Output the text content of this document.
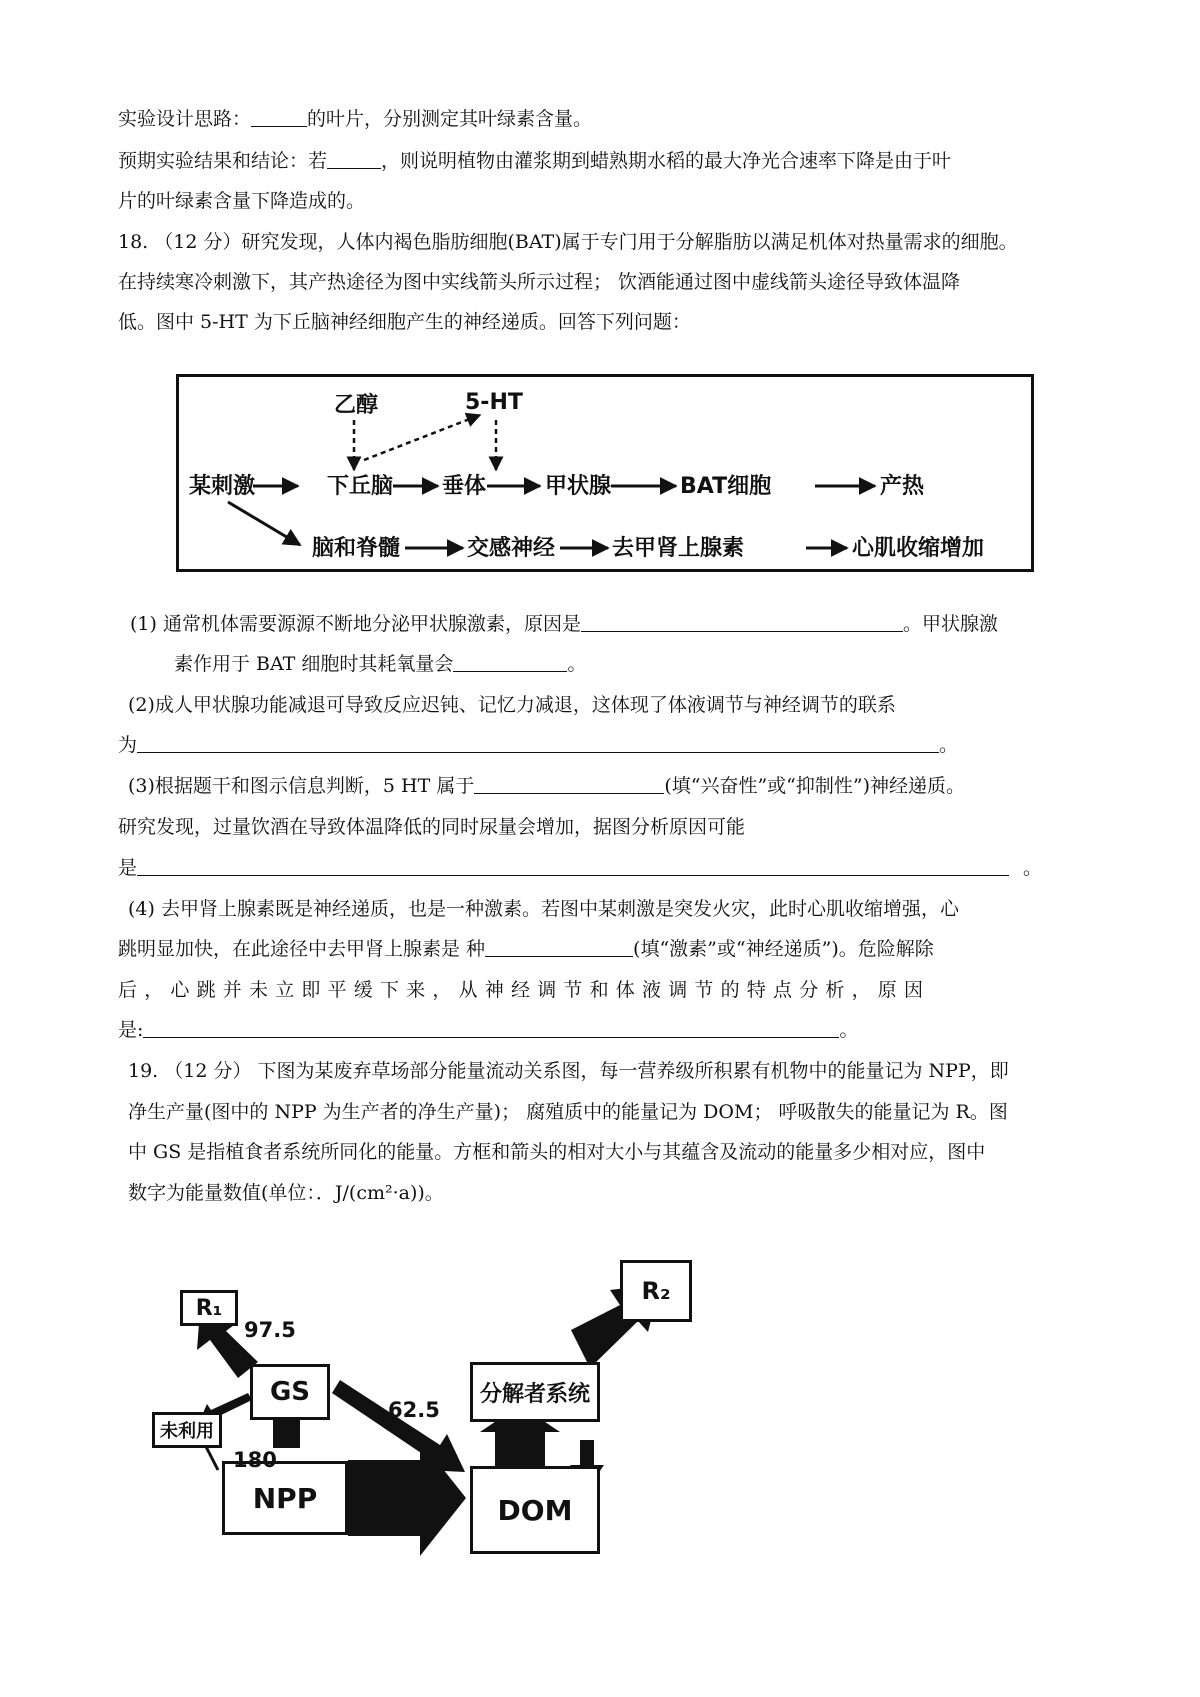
实验设计思路：	的叶片，分别测定其叶绿素含量。
预期实验结果和结论：若	，则说明植物由灌浆期到蜡熟期水稻的最大净光合速率下降是由于叶
片的叶绿素含量下降造成的。
18. （12 分）研究发现，人体内褐色脂肪细胞(BAT)属于专门用于分解脂肪以满足机体对热量需求的细胞。
在持续寒冷刺激下，其产热途径为图中实线箭头所示过程； 饮酒能通过图中虚线箭头途径导致体温降
低。图中 5-HT 为下丘脑神经细胞产生的神经递质。回答下列问题：
乙醇	5-HT
某刺激	下丘脑 垂体	甲状腺	BAT细胞	产热
脑和脊髓	交感神经	去甲肾上腺素	心肌收缩增加
(1) 通常机体需要源源不断地分泌甲状腺激素，原因是	。甲状腺激
素作用于 BAT 细胞时其耗氧量会	。
(2)成人甲状腺功能减退可导致反应迟钝、记忆力减退，这体现了体液调节与神经调节的联系
为	。
(3)根据题干和图示信息判断，5 HT 属于	(填“兴奋性”或“抑制性”)神经递质。
研究发现，过量饮酒在导致体温降低的同时尿量会增加，据图分析原因可能
是	。
(4) 去甲肾上腺素既是神经递质，也是一种激素。若图中某刺激是突发火灾，此时心肌收缩增强，心
跳明显加快，在此途径中去甲肾上腺素是 种	(填“激素”或“神经递质”)。危险解除
后，心跳并未立即平缓下来，从神经调节和体液调节的特点分析，原因
是:	。
19. （12 分） 下图为某废弃草场部分能量流动关系图，每一营养级所积累有机物中的能量记为 NPP，即
净生产量(图中的 NPP 为生产者的净生产量)； 腐殖质中的能量记为 DOM； 呼吸散失的能量记为 R。图
中 GS 是指植食者系统所同化的能量。方框和箭头的相对大小与其蕴含及流动的能量多少相对应，图中
数字为能量数值(单位：．J/(cm²·a))。
R₁
R₂
GS
未利用
分解者系统
NPP	DOM
97.5
62.5
180
540
